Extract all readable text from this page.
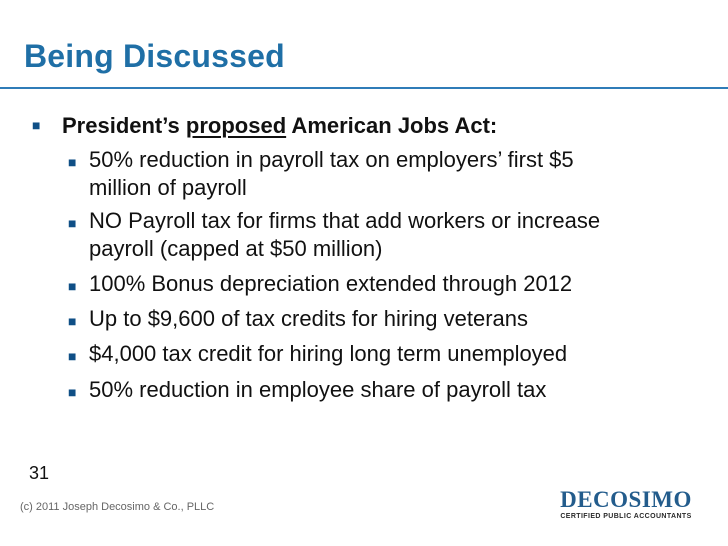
Being Discussed
■ President’s proposed American Jobs Act:
■ 50% reduction in payroll tax on employers’ first $5
million of payroll
■ NO Payroll tax for firms that add workers or increase
payroll (capped at $50 million)
■ 100% Bonus depreciation extended through 2012
■ Up to $9,600 of tax credits for hiring veterans
■ $4,000 tax credit for hiring long term unemployed
■ 50% reduction in employee share of payroll tax
31
(c) 2011 Joseph Decosimo & Co., PLLC	DECOSIMO
CERTIFIED PUBLIC ACCOUNTANTS
